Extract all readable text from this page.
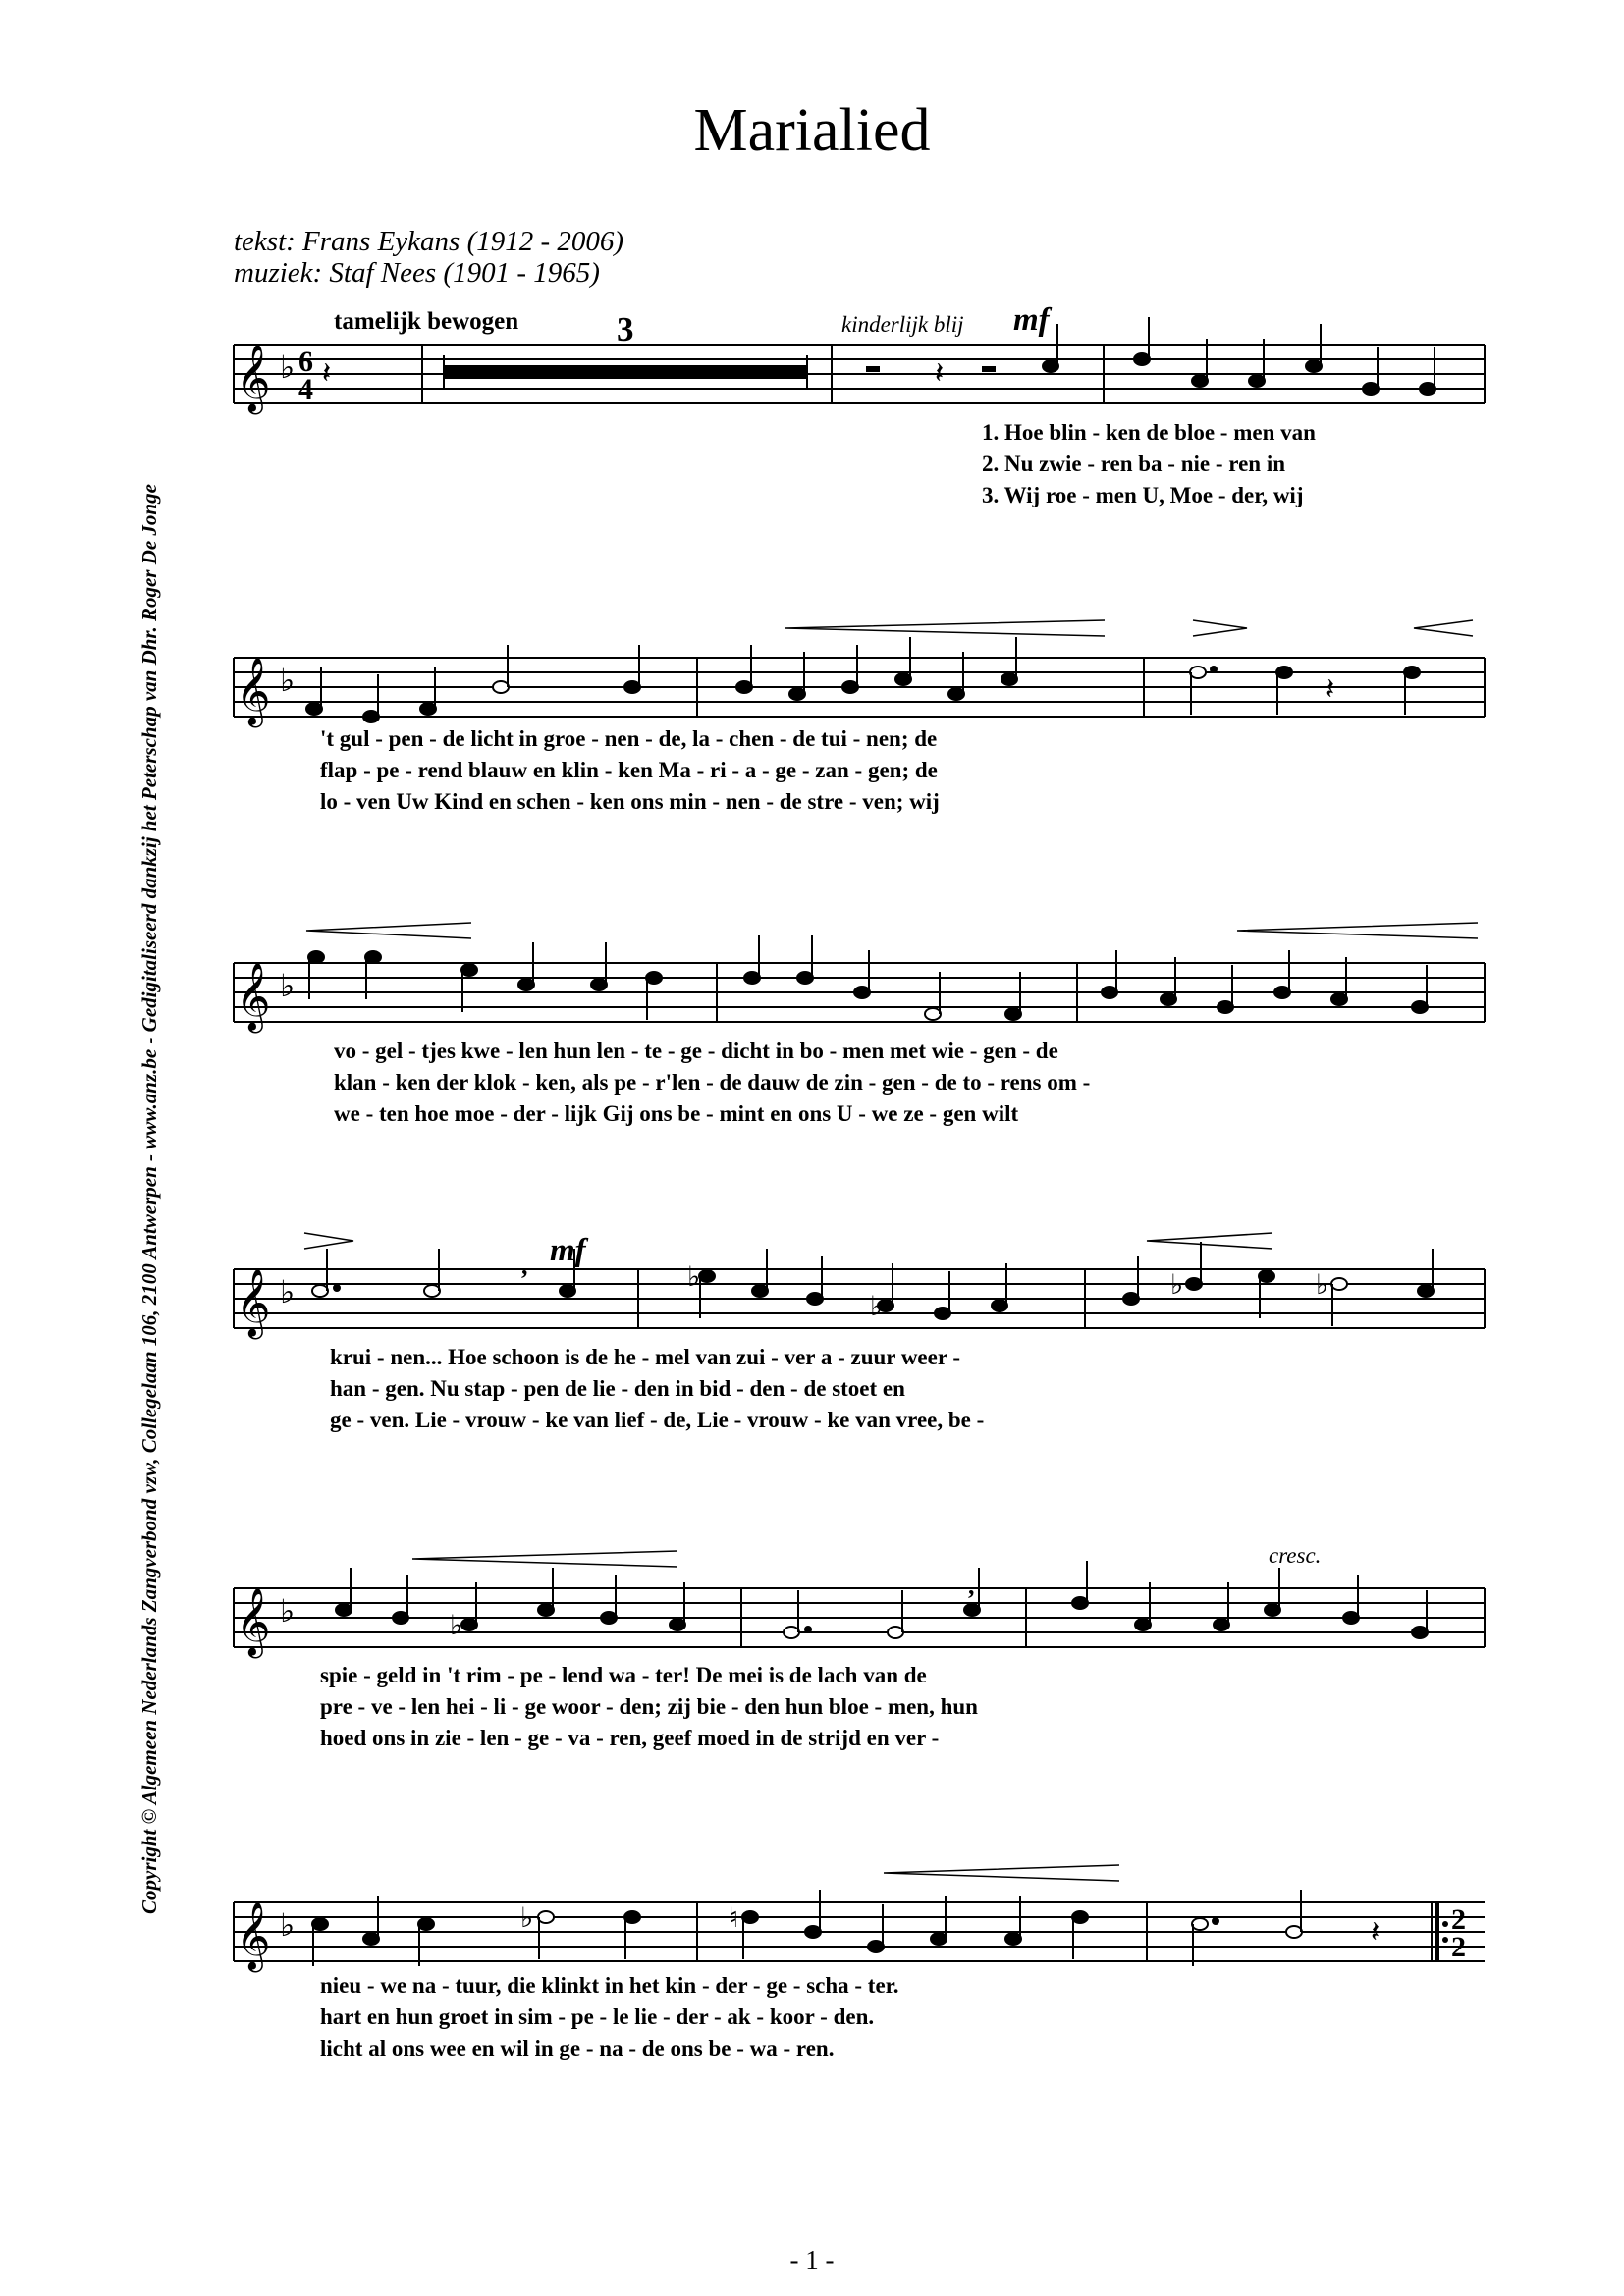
Marialied
tekst: Frans Eykans (1912 - 2006)
muziek: Staf Nees (1901 - 1965)
Copyright © Algemeen Nederlands Zangverbond vzw, Collegelaan 106, 2100 Antwerpen - www.anz.be - Gedigitaliseerd dankzij het Peterschap van Dhr. Roger De Jonge
- 1 -
𝄞 ♭ 6
4 𝄽	𝄽
tamelijk bewogen	3	kinderlijk blij mf
1. Hoe blin - ken de bloe - men van
2. Nu zwie - ren ba - nie - ren in
3. Wij roe - men U, Moe - der, wij
𝄞 ♭	𝄽
't gul - pen - de licht in groe - nen - de, la - chen - de tui - nen; de
flap - pe - rend blauw en klin - ken Ma - ri - a - ge - zan - gen; de
lo - ven Uw Kind en schen - ken ons min - nen - de stre - ven; wij
𝄞 ♭
vo - gel - tjes kwe - len hun len - te - ge - dicht in bo - men met wie - gen - de
klan - ken der klok - ken, als pe - r'len - de dauw de zin - gen - de to - rens om -
we - ten hoe moe - der - lijk Gij ons be - mint en ons U - we ze - gen wilt
𝄞 ♭
,	♭
♭
♭	♭
mf
krui - nen... Hoe schoon is de he - mel van zui - ver a - zuur weer -
han - gen. Nu stap - pen de lie - den in bid - den - de stoet en
ge - ven. Lie - vrouw - ke van lief - de, Lie - vrouw - ke van vree, be -
𝄞 ♭
,
♭
cresc.
spie - geld in 't rim - pe - lend wa - ter! De mei is de lach van de
pre - ve - len hei - li - ge woor - den; zij bie - den hun bloe - men, hun
hoed ons in zie - len - ge - va - ren, geef moed in de strijd en ver -
2
2
𝄞 ♭	♭	♮	𝄽
nieu - we na - tuur, die klinkt in het kin - der - ge - scha - ter.
hart en hun groet in sim - pe - le lie - der - ak - koor - den.
licht al ons wee en wil in ge - na - de ons be - wa - ren.
